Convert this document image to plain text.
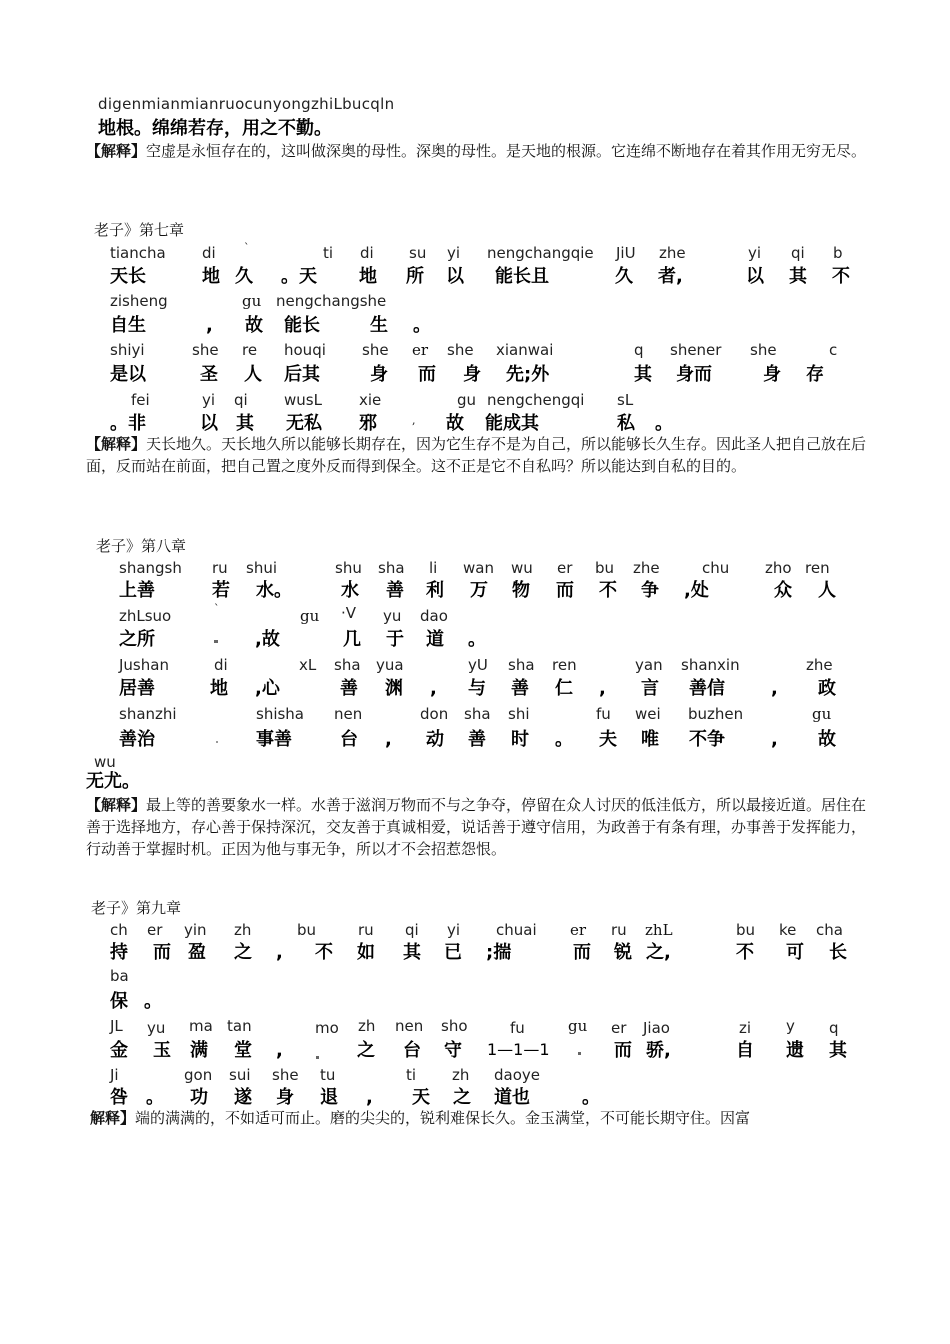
digenmianmianruocunyongzhiLbucqln
地根。绵绵若存，用之不勤。
【解释】空虚是永恒存在的，这叫做深奥的母性。深奥的母性。是天地的根源。它连绵不断地存在着其作用无穷无尽。
老子》第七章
tiancha di	ˋ	ti di su yi nengchangqie JiU zhe	yi qi b
天长	地 久 。天 地 所 以 能长且	久 者,	以 其 不
zisheng	gu nengchangshe
自生	, 故 能长	生 。
shiyi	she re houqi she er she xianwai	q shener she	c
是以	圣 人 后其	身 而 身 先;外	其 身而	身 存
fei	yi qi wusL xie	gu nengchengqi sL
。非	以 其 无私 邪	, 故 能成其	私 。
【解释】天长地久。天长地久所以能够长期存在，因为它生存不是为自己，所以能够长久生存。因此圣人把自己放在后面，反而站在前面，把自己置之度外反而得到保全。这不正是它不自私吗？所以能达到自私的目的。
老子》第八章
shangsh ru shui	shu sha li wan wu er bu zhe	chu zho ren
上善	若 水。	水 善 利 万 物 而 不 争 ,处	众 人
zhLsuo	ˋ	gu ·V yu dao
之所	,故	几 于 道 。
Jushan	di	xL sha yua	yU sha ren	yan shanxin	zhe
居善	地 ,心	善 渊 , 与 善 仁 , 言 善信	, 政
shanzhi	shisha nen	don sha shi	fu wei buzhen	gu
善治	事善	台 , 动 善 时 。 夫 唯 不争	, 故
wu
无尤。
【解释】最上等的善要象水一样。水善于滋润万物而不与之争夺，停留在众人讨厌的低洼低方，所以最接近道。居住在善于选择地方，存心善于保持深沉，交友善于真诚相爱，说话善于遵守信用，为政善于有条有理，办事善于发挥能力，行动善于掌握时机。正因为他与事无争，所以才不会招惹怨恨。
老子》第九章
ch er yin zh	bu	ru qi yi chuai er ru zhL	bu ke cha
持 而 盈 之 , 不 如 其 已 ;揣	而 锐 之,	不 可 长
ba
保 。
JL yu ma tan	mo zh nen sho	fu	gu er Jiao	zi y q
金 玉 满 堂 ,	之 台 守 1—1—1	而 骄,	自 遗 其
Ji	gon sui she tu	ti zh daoye
咎 。 功 遂 身 退 , 天 之 道也	。
解释】端的满满的，不如适可而止。磨的尖尖的，锐利难保长久。金玉满堂，不可能长期守住。因富
